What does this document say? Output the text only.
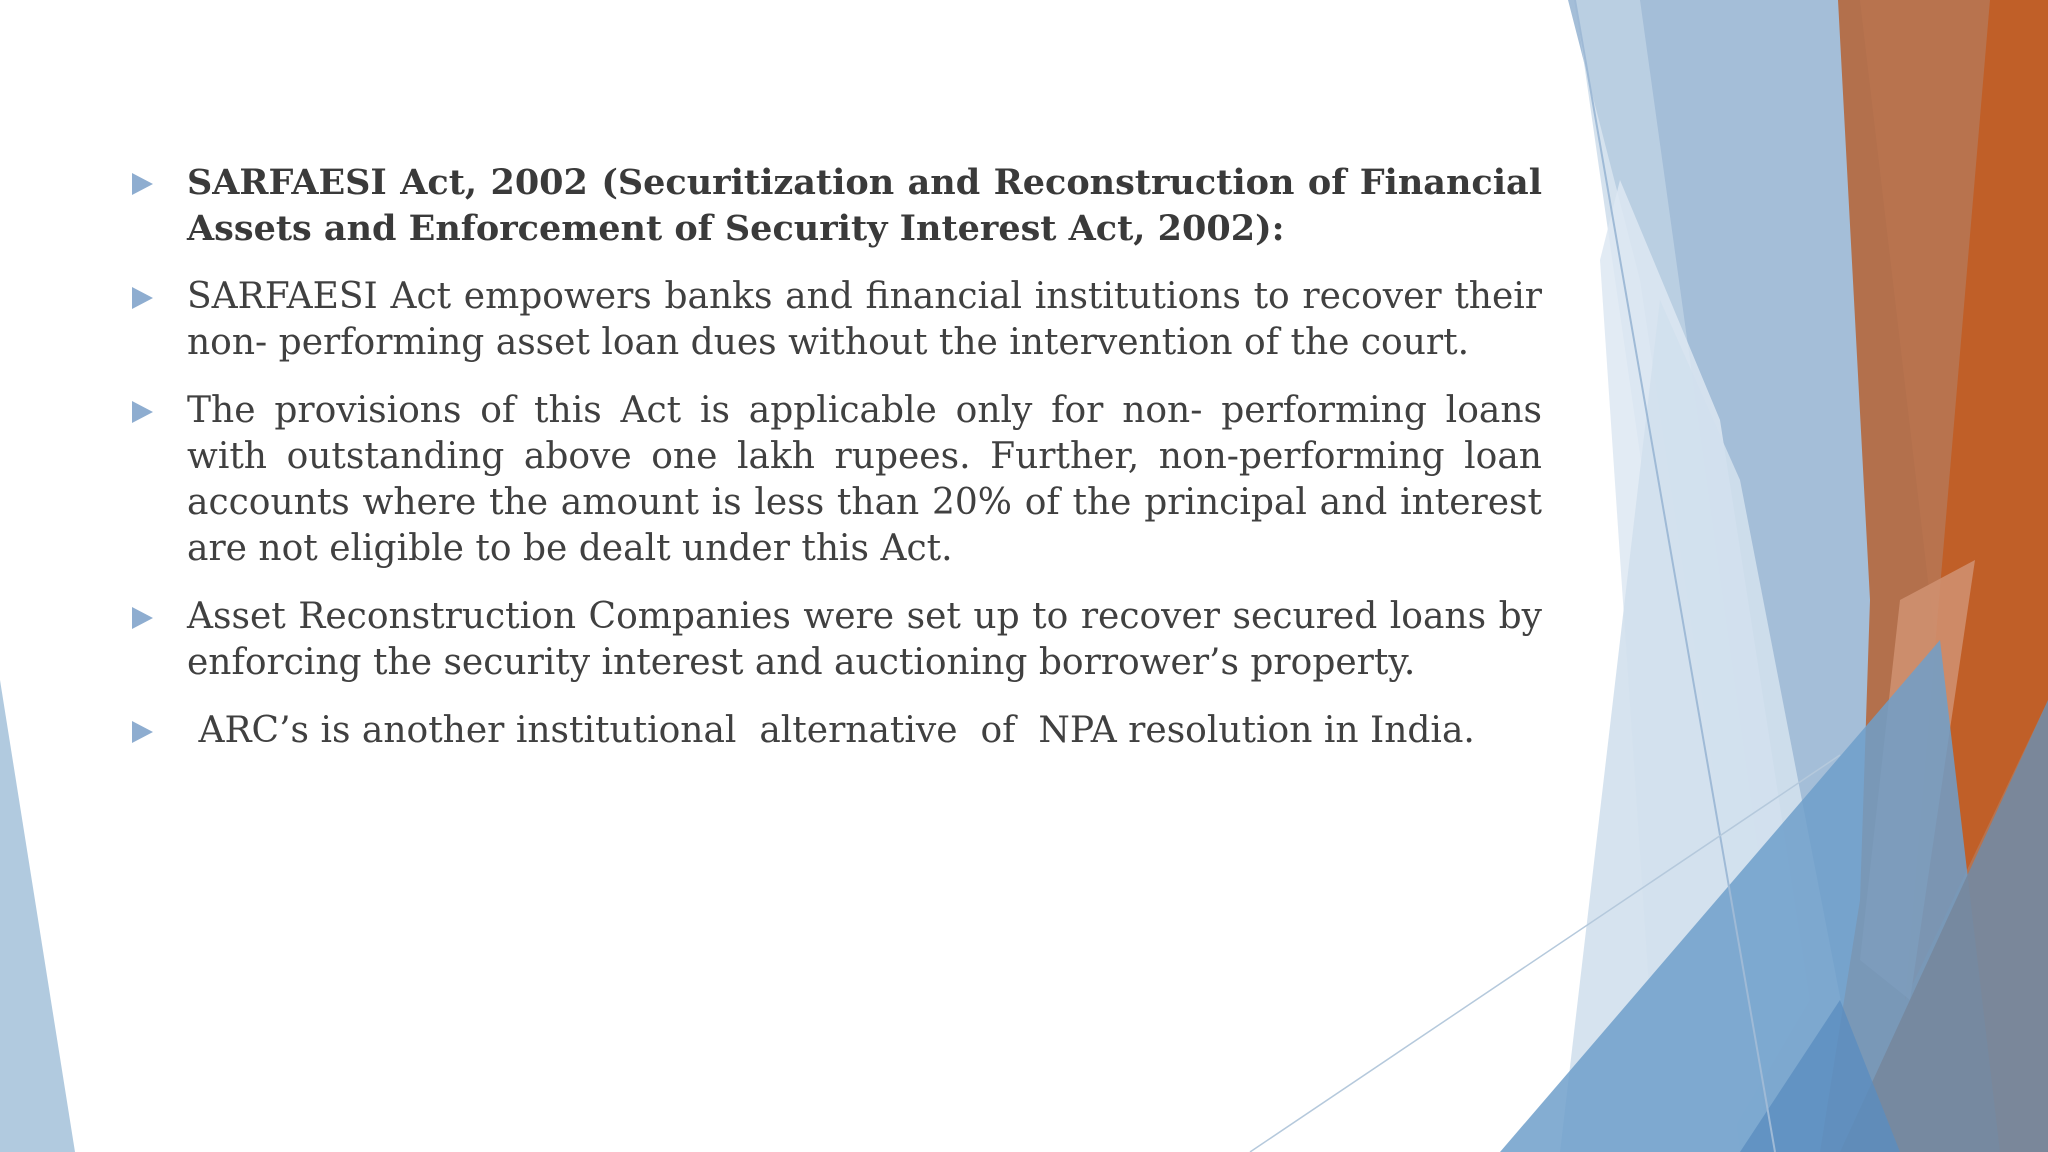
SARFAESI Act, 2002 (Securitization and Reconstruction of Financial Assets and Enforcement of Security Interest Act, 2002):
SARFAESI Act empowers banks and financial institutions to recover their non- performing asset loan dues without the intervention of the court.
The provisions of this Act is applicable only for non- performing loans with outstanding above one lakh rupees. Further, non-performing loan accounts where the amount is less than 20% of the principal and interest are not eligible to be dealt under this Act.
Asset Reconstruction Companies were set up to recover secured loans by enforcing the security interest and auctioning borrower’s property.
ARC’s is another institutional  alternative  of  NPA resolution in India.
